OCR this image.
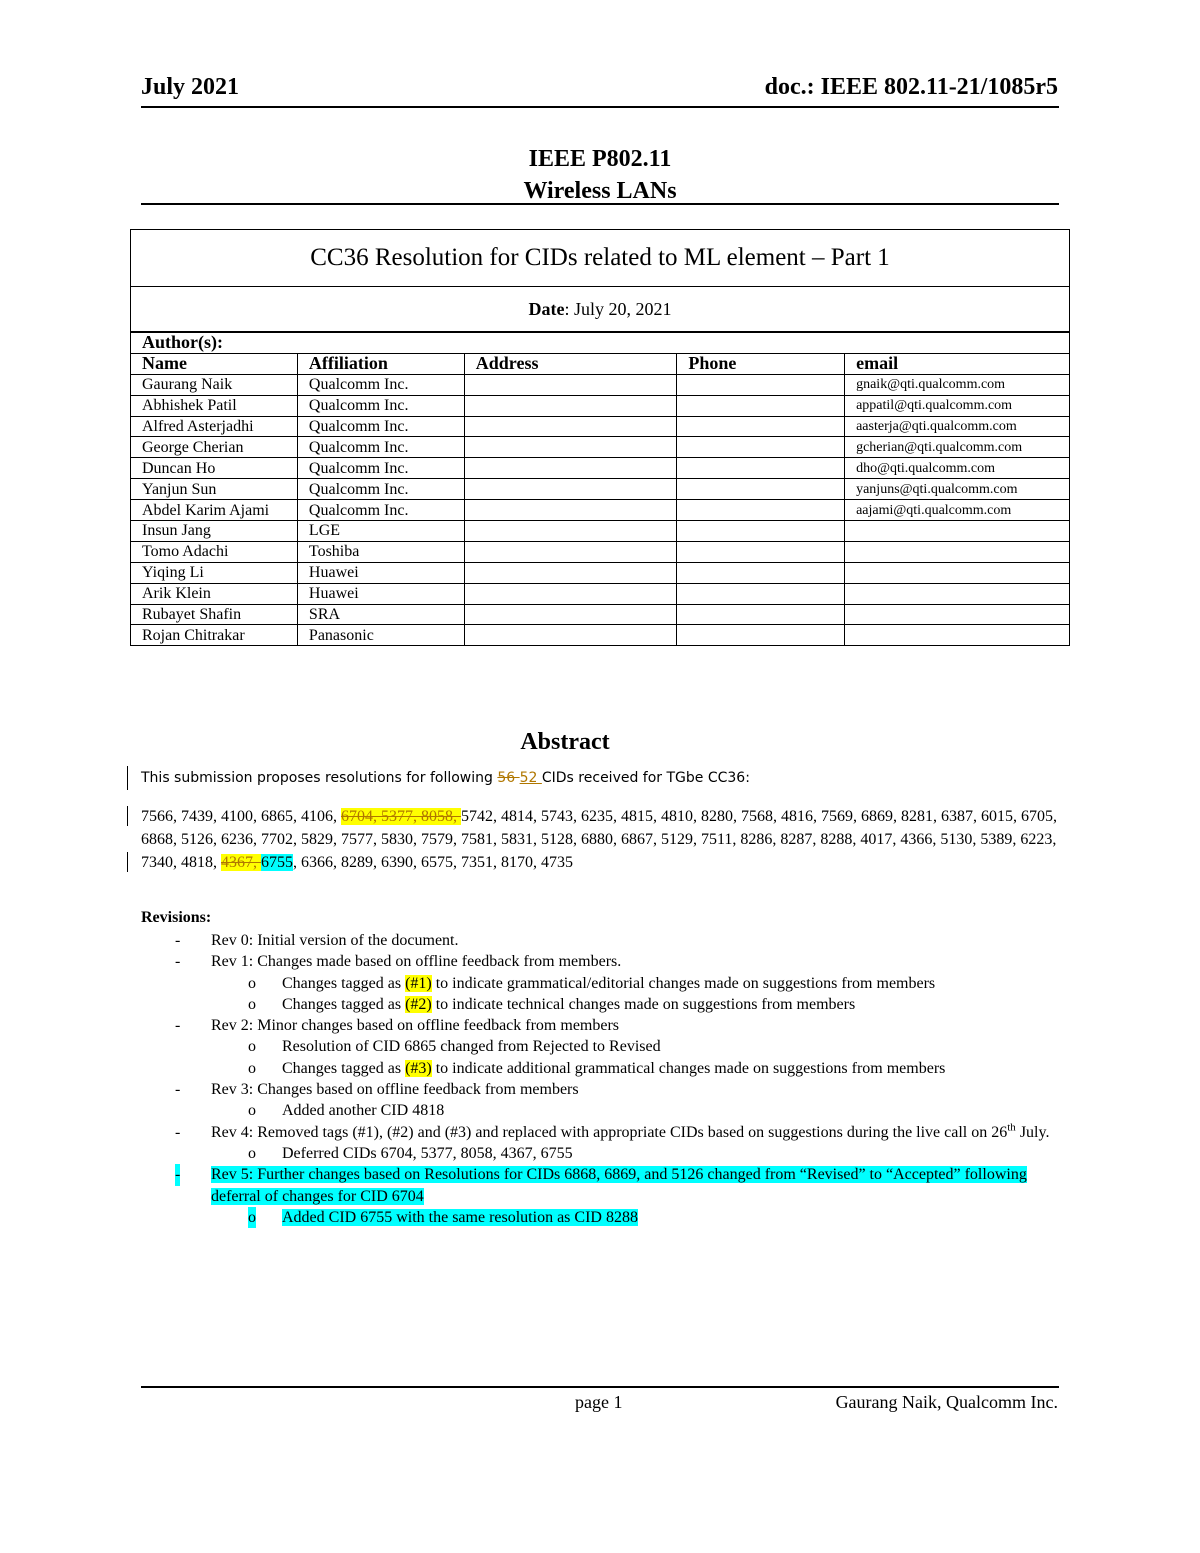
July 2021	doc.: IEEE 802.11-21/1085r5
IEEE P802.11
Wireless LANs
CC36 Resolution for CIDs related to ML element – Part 1
Date: July 20, 2021
Author(s):				
Name	Affiliation	Address	Phone	email
Gaurang Naik	Qualcomm Inc.			gnaik@qti.qualcomm.com
Abhishek Patil	Qualcomm Inc.			appatil@qti.qualcomm.com
Alfred Asterjadhi	Qualcomm Inc.			aasterja@qti.qualcomm.com
George Cherian	Qualcomm Inc.			gcherian@qti.qualcomm.com
Duncan Ho	Qualcomm Inc.			dho@qti.qualcomm.com
Yanjun Sun	Qualcomm Inc.			yanjuns@qti.qualcomm.com
Abdel Karim Ajami	Qualcomm Inc.			aajami@qti.qualcomm.com
Insun Jang	LGE			
Tomo Adachi	Toshiba			
Yiqing Li	Huawei			
Arik Klein	Huawei			
Rubayet Shafin	SRA			
Rojan Chitrakar	Panasonic			
Abstract
This submission proposes resolutions for following 56 52 CIDs received for TGbe CC36:
7566, 7439, 4100, 6865, 4106, 6704, 5377, 8058, 5742, 4814, 5743, 6235, 4815, 4810, 8280, 7568, 4816, 7569, 6869, 8281, 6387, 6015, 6705, 6868, 5126, 6236, 7702, 5829, 7577, 5830, 7579, 7581, 5831, 5128, 6880, 6867, 5129, 7511, 8286, 8287, 8288, 4017, 4366, 5130, 5389, 6223, 7340, 4818, 4367, 6755, 6366, 8289, 6390, 6575, 7351, 8170, 4735
Revisions:
- Rev 0: Initial version of the document.
- Rev 1: Changes made based on offline feedback from members.
o Changes tagged as (#1) to indicate grammatical/editorial changes made on suggestions from members
o Changes tagged as (#2) to indicate technical changes made on suggestions from members
- Rev 2: Minor changes based on offline feedback from members
o Resolution of CID 6865 changed from Rejected to Revised
o Changes tagged as (#3) to indicate additional grammatical changes made on suggestions from members
- Rev 3: Changes based on offline feedback from members
o Added another CID 4818
- Rev 4: Removed tags (#1), (#2) and (#3) and replaced with appropriate CIDs based on suggestions during the live call on 26th July.
o Deferred CIDs 6704, 5377, 8058, 4367, 6755
- Rev 5: Further changes based on Resolutions for CIDs 6868, 6869, and 5126 changed from “Revised” to “Accepted” following deferral of changes for CID 6704
o Added CID 6755 with the same resolution as CID 8288
page 1	Gaurang Naik, Qualcomm Inc.
